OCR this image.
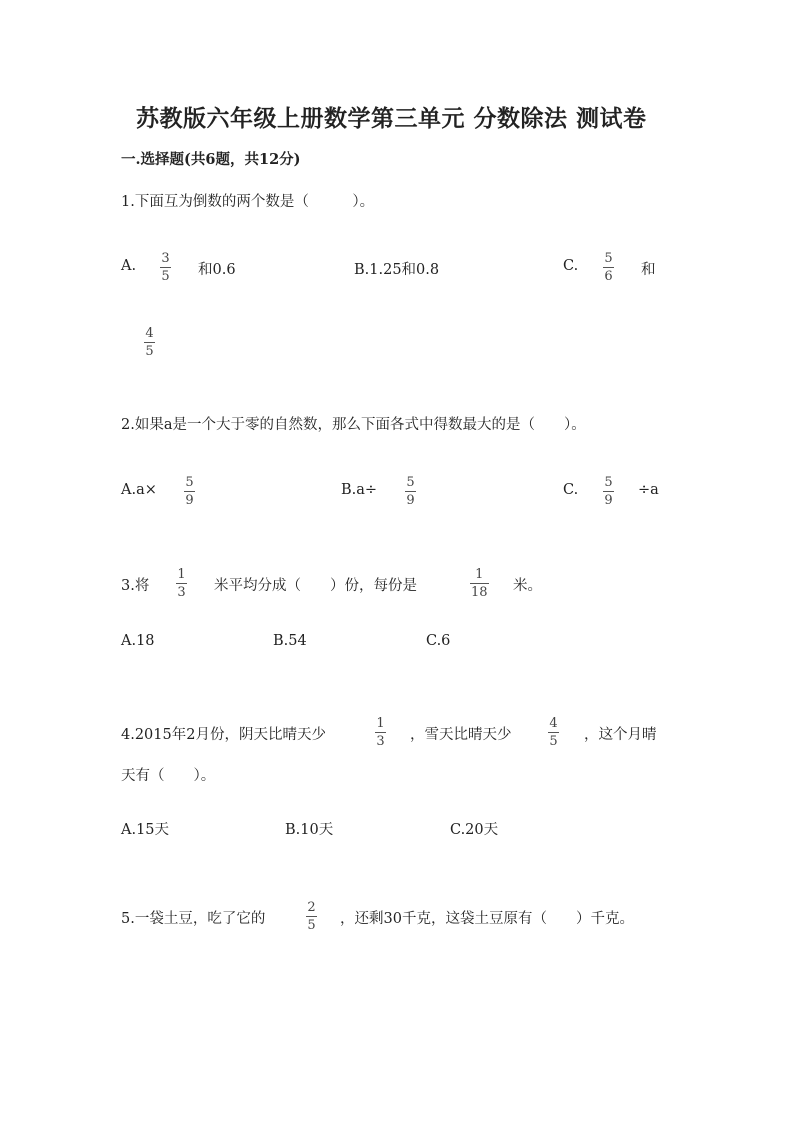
苏教版六年级上册数学第三单元 分数除法 测试卷
一.选择题(共6题，共12分)
1.下面互为倒数的两个数是（　　　）。
A. 3
5 和0.6	B.1.25和0.8	C. 5
6 和
4
5
2.如果a是一个大于零的自然数，那么下面各式中得数最大的是（　　）。
A.a× 5
9
B.a÷ 5
9
C. 5
9
÷a
3.将
1
3 米平均分成（　　）份，每份是
1
18 米。
A.18	B.54	C.6
4.2015年2月份，阴天比晴天少
1
3 ，雪天比晴天少
4
5 ，这个月晴
天有（　　）。
A.15天	B.10天	C.20天
5.一袋土豆，吃了它的
2
5 ，还剩30千克，这袋土豆原有（　　）千克。
